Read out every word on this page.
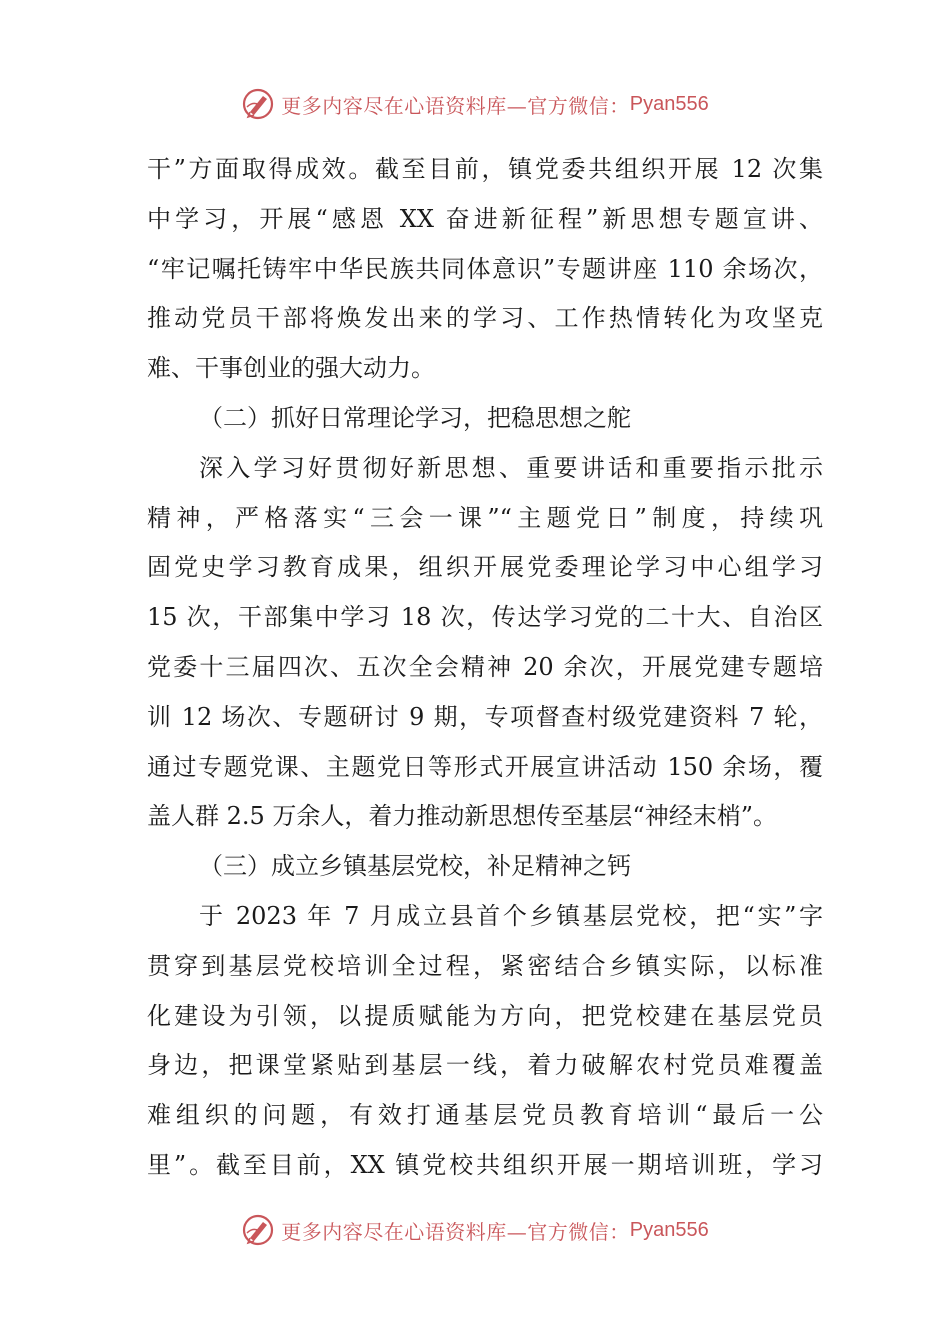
更多内容尽在心语资料库—官方微信： Pyan556
干”方面取得成效。截至目前，镇党委共组织开展 12 次集
中学习，开展“感恩 XX 奋进新征程”新思想专题宣讲、
“牢记嘱托铸牢中华民族共同体意识”专题讲座 110 余场次，
推动党员干部将焕发出来的学习、工作热情转化为攻坚克
难、干事创业的强大动力。
（二）抓好日常理论学习，把稳思想之舵
深入学习好贯彻好新思想、重要讲话和重要指示批示
精神，严格落实“三会一课”“主题党日”制度，持续巩
固党史学习教育成果，组织开展党委理论学习中心组学习
15 次，干部集中学习 18 次，传达学习党的二十大、自治区
党委十三届四次、五次全会精神 20 余次，开展党建专题培
训 12 场次、专题研讨 9 期，专项督查村级党建资料 7 轮，
通过专题党课、主题党日等形式开展宣讲活动 150 余场，覆
盖人群 2.5 万余人，着力推动新思想传至基层“神经末梢”。
（三）成立乡镇基层党校，补足精神之钙
于 2023 年 7 月成立县首个乡镇基层党校，把“实”字
贯穿到基层党校培训全过程，紧密结合乡镇实际，以标准
化建设为引领，以提质赋能为方向，把党校建在基层党员
身边，把课堂紧贴到基层一线，着力破解农村党员难覆盖
难组织的问题，有效打通基层党员教育培训“最后一公
里”。截至目前，XX 镇党校共组织开展一期培训班，学习
更多内容尽在心语资料库—官方微信： Pyan556
